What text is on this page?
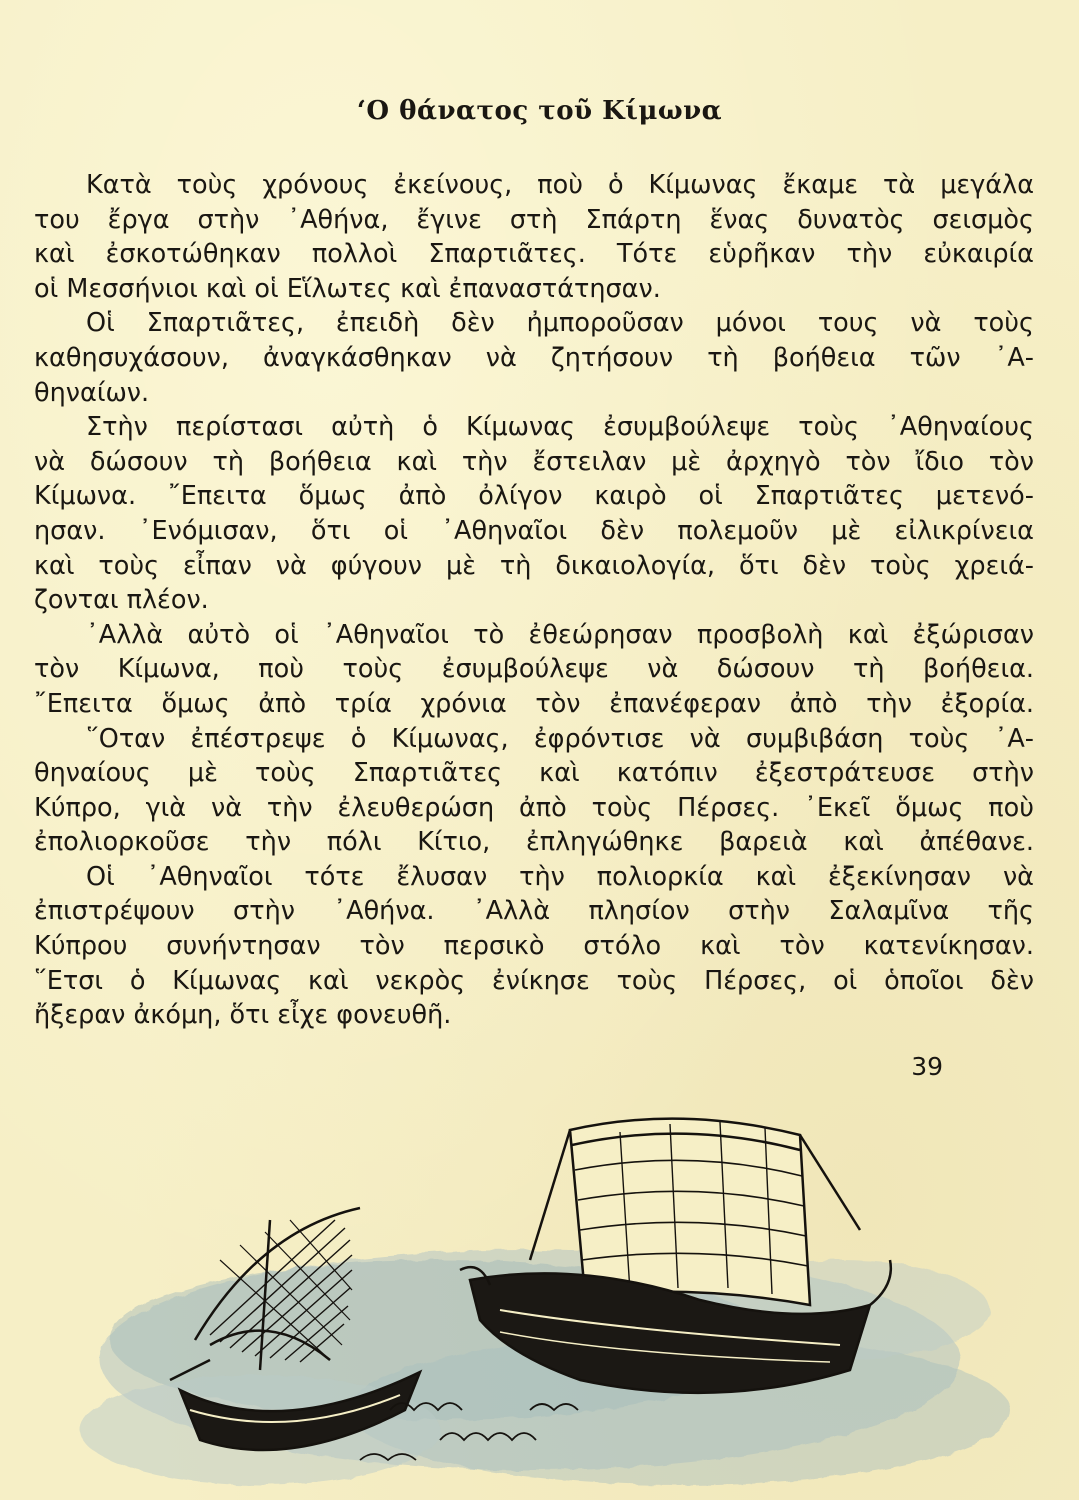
‘Ο θάνατος τοῦ Κίμωνα
Κατὰ τοὺς χρόνους ἐκείνους, ποὺ ὁ Κίμωνας ἔκαμε τὰ μεγάλα
του ἔργα στὴν ᾿Αθήνα, ἔγινε στὴ Σπάρτη ἕνας δυνατὸς σεισμὸς
καὶ ἐσκοτώθηκαν πολλοὶ Σπαρτιᾶτες. Τότε εὑρῆκαν τὴν εὐκαιρία
οἱ Μεσσήνιοι καὶ οἱ Εἵλωτες καὶ ἐπαναστάτησαν.
Οἱ Σπαρτιᾶτες, ἐπειδὴ δὲν ἠμποροῦσαν μόνοι τους νὰ τοὺς
καθησυχάσουν, ἀναγκάσθηκαν νὰ ζητήσουν τὴ βοήθεια τῶν ᾿Α-
θηναίων.
Στὴν περίστασι αὐτὴ ὁ Κίμωνας ἐσυμβούλεψε τοὺς ᾿Αθηναίους
νὰ δώσουν τὴ βοήθεια καὶ τὴν ἔστειλαν μὲ ἀρχηγὸ τὸν ἴδιο τὸν
Κίμωνα. ῎Επειτα ὅμως ἀπὸ ὀλίγον καιρὸ οἱ Σπαρτιᾶτες μετενό-
ησαν. ᾿Ενόμισαν, ὅτι οἱ ᾿Αθηναῖοι δὲν πολεμοῦν μὲ εἰλικρίνεια
καὶ τοὺς εἶπαν νὰ φύγουν μὲ τὴ δικαιολογία, ὅτι δὲν τοὺς χρειά-
ζονται πλέον.
᾿Αλλὰ αὐτὸ οἱ ᾿Αθηναῖοι τὸ ἐθεώρησαν προσβολὴ καὶ ἐξώρισαν
τὸν Κίμωνα, ποὺ τοὺς ἐσυμβούλεψε νὰ δώσουν τὴ βοήθεια.
῎Επειτα ὅμως ἀπὸ τρία χρόνια τὸν ἐπανέφεραν ἀπὸ τὴν ἐξορία.
῞Οταν ἐπέστρεψε ὁ Κίμωνας, ἐφρόντισε νὰ συμβιβάση τοὺς ᾿Α-
θηναίους μὲ τοὺς Σπαρτιᾶτες καὶ κατόπιν ἐξεστράτευσε στὴν
Κύπρο, γιὰ νὰ τὴν ἐλευθερώση ἀπὸ τοὺς Πέρσες. ᾿Εκεῖ ὅμως ποὺ
ἐπολιορκοῦσε τὴν πόλι Κίτιο, ἐπληγώθηκε βαρειὰ καὶ ἀπέθανε.
Οἱ ᾿Αθηναῖοι τότε ἔλυσαν τὴν πολιορκία καὶ ἐξεκίνησαν νὰ
ἐπιστρέψουν στὴν ᾿Αθήνα. ᾿Αλλὰ πλησίον στὴν Σαλαμῖνα τῆς
Κύπρου συνήντησαν τὸν περσικὸ στόλο καὶ τὸν κατενίκησαν.
῞Ετσι ὁ Κίμωνας καὶ νεκρὸς ἐνίκησε τοὺς Πέρσες, οἱ ὁποῖοι δὲν
ἤξεραν ἀκόμη, ὅτι εἶχε φονευθῆ.
39
